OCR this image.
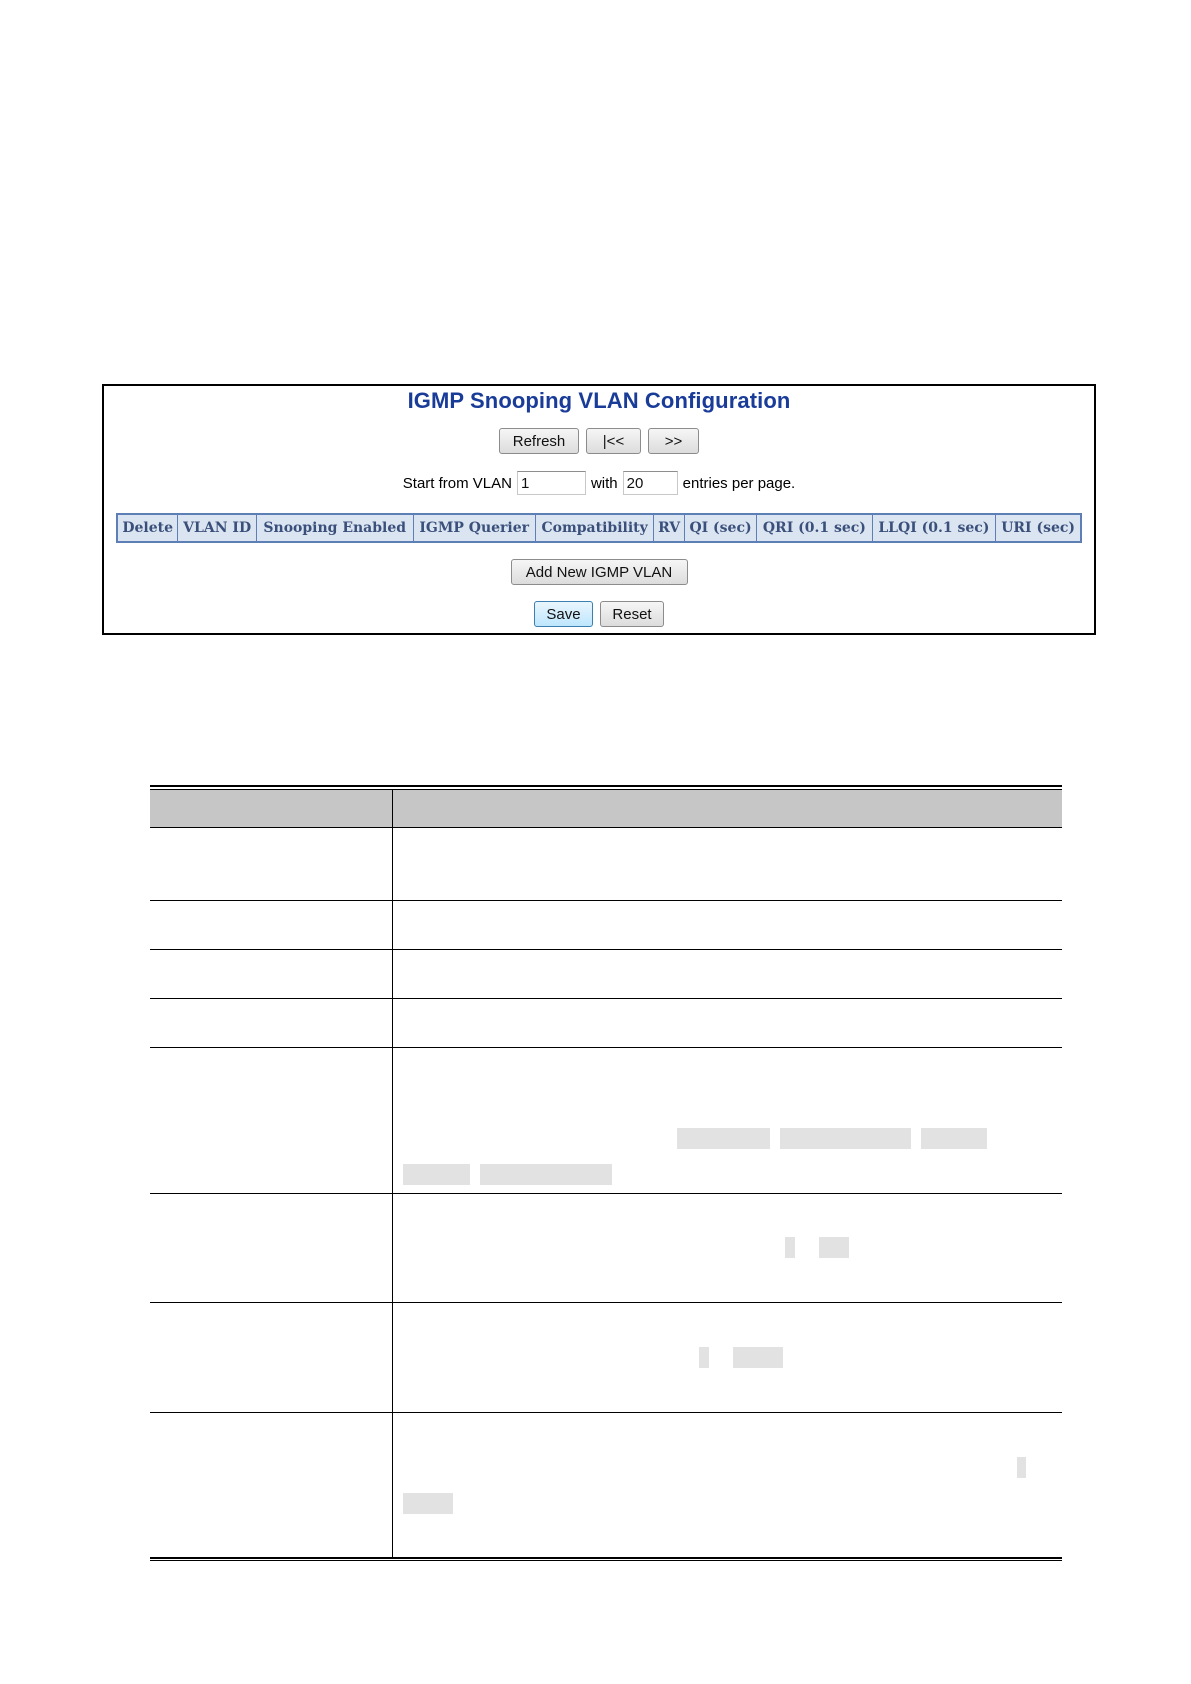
IGMP Snooping VLAN Configuration
Refresh	|<<	>>
Start from VLAN
1	with
20	entries per page.
Delete	VLAN ID	Snooping Enabled	IGMP Querier	Compatibility	RV	QI (sec)	QRI (0.1 sec)	LLQI (0.1 sec)	URI (sec)
Add New IGMP VLAN
Save	Reset
